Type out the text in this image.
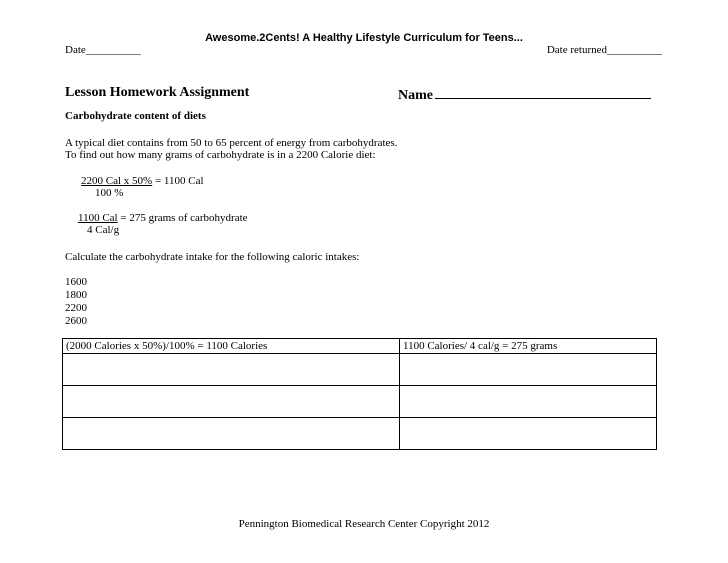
Awesome.2Cents! A Healthy Lifestyle Curriculum for Teens...
Date__________	Date returned__________
Lesson Homework Assignment	Name
Carbohydrate content of diets
A typical diet contains from 50 to 65 percent of energy from carbohydrates.
To find out how many grams of carbohydrate is in a 2200 Calorie diet:
2200 Cal x 50% = 1100 Cal
100 %
1100 Cal = 275 grams of carbohydrate
4 Cal/g
Calculate the carbohydrate intake for the following caloric intakes:
1600
1800
2200
2600
(2000 Calories x 50%)/100% = 1100 Calories	1100 Calories/ 4 cal/g = 275 grams

Pennington Biomedical Research Center Copyright 2012
